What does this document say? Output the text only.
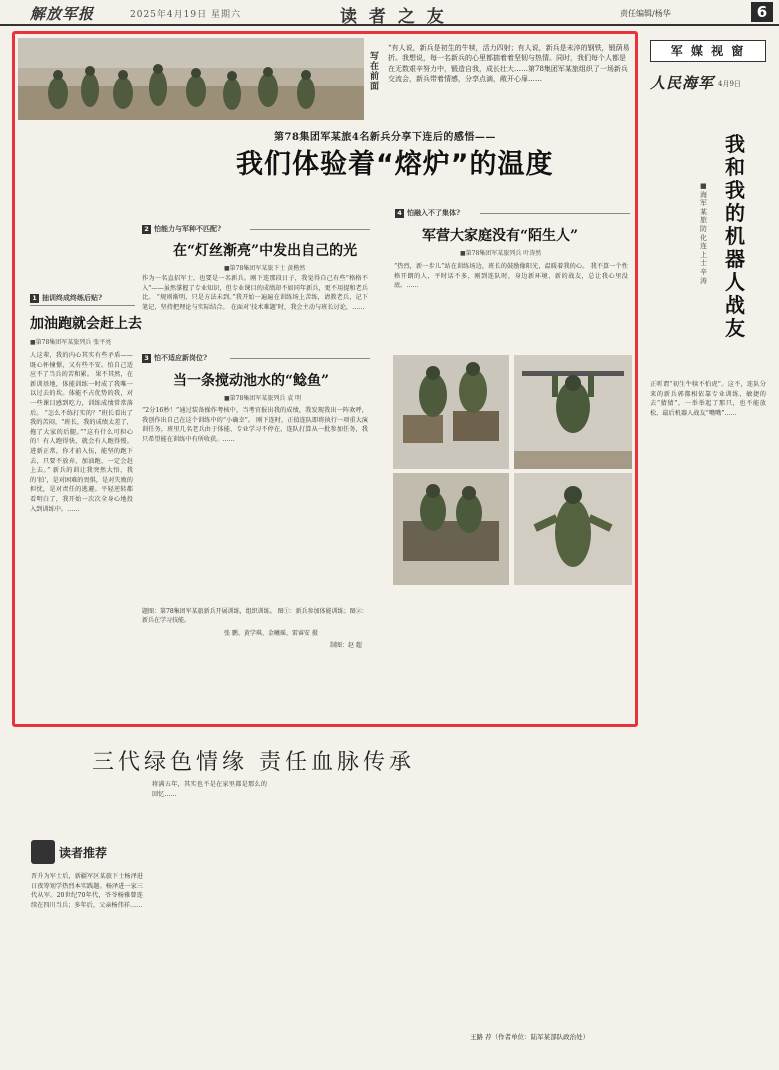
解放军报	2025年4月19日 星期六	读 者 之 友	责任编辑/杨华	6
写在前面
“有人说，新兵是初生的牛犊，活力四射；有人说，新兵是未淬的钢铁，锻荫易折。我想说，每一名新兵的心里都揣着着坚韧与热情。同时，我们每个人都是在无数艰辛努力中，锻造自我，成长壮大……第78集团军某旅组织了一场新兵交流会，新兵带着情感，分享点滴，敞开心扉……
第78集团军某旅4名新兵分享下连后的感悟——
我们体验着“熔炉”的温度
4 怕融入不了集体?
军营大家庭没有“陌生人”
■第78集团军某旅列兵 叶涛然
2 怕能力与军种不匹配?
在“灯丝渐亮”中发出自己的光
■第78集团军某旅下士 黄楷然
1 抽训终成终练后贴?
加油跑就会赶上去
■第78集团军某旅列兵 张平亮
人这辈，我的内心其实有些矛盾——既心怀憧憬，又有些不安。怕自己适应不了当兵的苦和累。 果不其然，在新训基地，体能训练一时成了我唯一以过去的坎。体能不占优势的我，对一些课目感到吃力，训练成绩常常落后。 “怎么不练打实的？”班长看出了我的苦闷，“班长，我的成绩太差了，拖了大家的后腿。”“这有什么可担心的！有人跑得快，就会有人跑得慢。进新正常，你才前入伍，能坚的跑下去，只要不放弃，加油跑，一定会赶上去。” 新兵的训让我突然大悟，我的‘拍’，是对困难的畏惧，是对失败的担忧，是对责任的逃避。平轻逆转都看明白了，我开始一次次全身心地投入到训练中。……
作为一名直招军士，也要是一名新兵。刚下连那段日子，我觉得自己有些“格格不入”——虽然掌握了专业知识，但专业课目的成绩却不如同年新兵，更不用提和老兵比。 “规则渐明，只是方法未到。”我开始一遍遍在训练场上苦练，请教老兵，记下笔记，坚持把理论与实际结合。 在面对‘技术难题’时，我会主动与班长讨论，……
“热烈，新一步儿”站在训练场边，班长的鼓励像阳光，温暖着我的心。 我不算一个性格开朗的人，平时话不多，刚到连队时，身边新环境、新的战友，总让我心里没底。……
3 怕不适应新岗位?
当一条搅动池水的“鲶鱼”
■第78集团军某旅列兵 袁 明
“2分16秒！”通过装备操作考核中，当考官报出我的成绩，我发现我出一阵欢呼，我创作出自己在这个训练中的“小确幸”。 刚下连时，正值连队即将执行一项重大演训任务，班里几名老兵由于体能、专业学习不停在，连队打算从一批参加任务，我只希望能在训练中有所收获。……
题图：第78集团军某旅新兵开展训练，组织训练。 图①：新兵参加体能训练；图②：新兵在学习技能。
张 鹏、黄学琪、金曦瑶、雷睿安 摄
制图：赵 超
军 媒 视 窗
人民海军 4月9日
我和我的机器人战友
■海军某旅防化连上士 辛涛
正听谓“初生牛犊不怕虎”。这不，连队分来的新兵郭都相依靠专业训练，敏捷的去“猜猜”，一举举起了那只，也不能放松，最后机器人战友“嘴嘴”……
三代绿色情缘 责任血脉传承
读者推荐
晋升为军士后，新疆军区某旅下士杨泽进日夜筹划学热烈本实践题。杨泽进一家三代从军。20世纪70年代，爷爷杨雅曾连续在四川当兵；多年后，父亲杨伟祥……
将满五年，其实也不是在家里都是那么的回忆……
王路 荐（作者单位：陆军某部队政治处）
